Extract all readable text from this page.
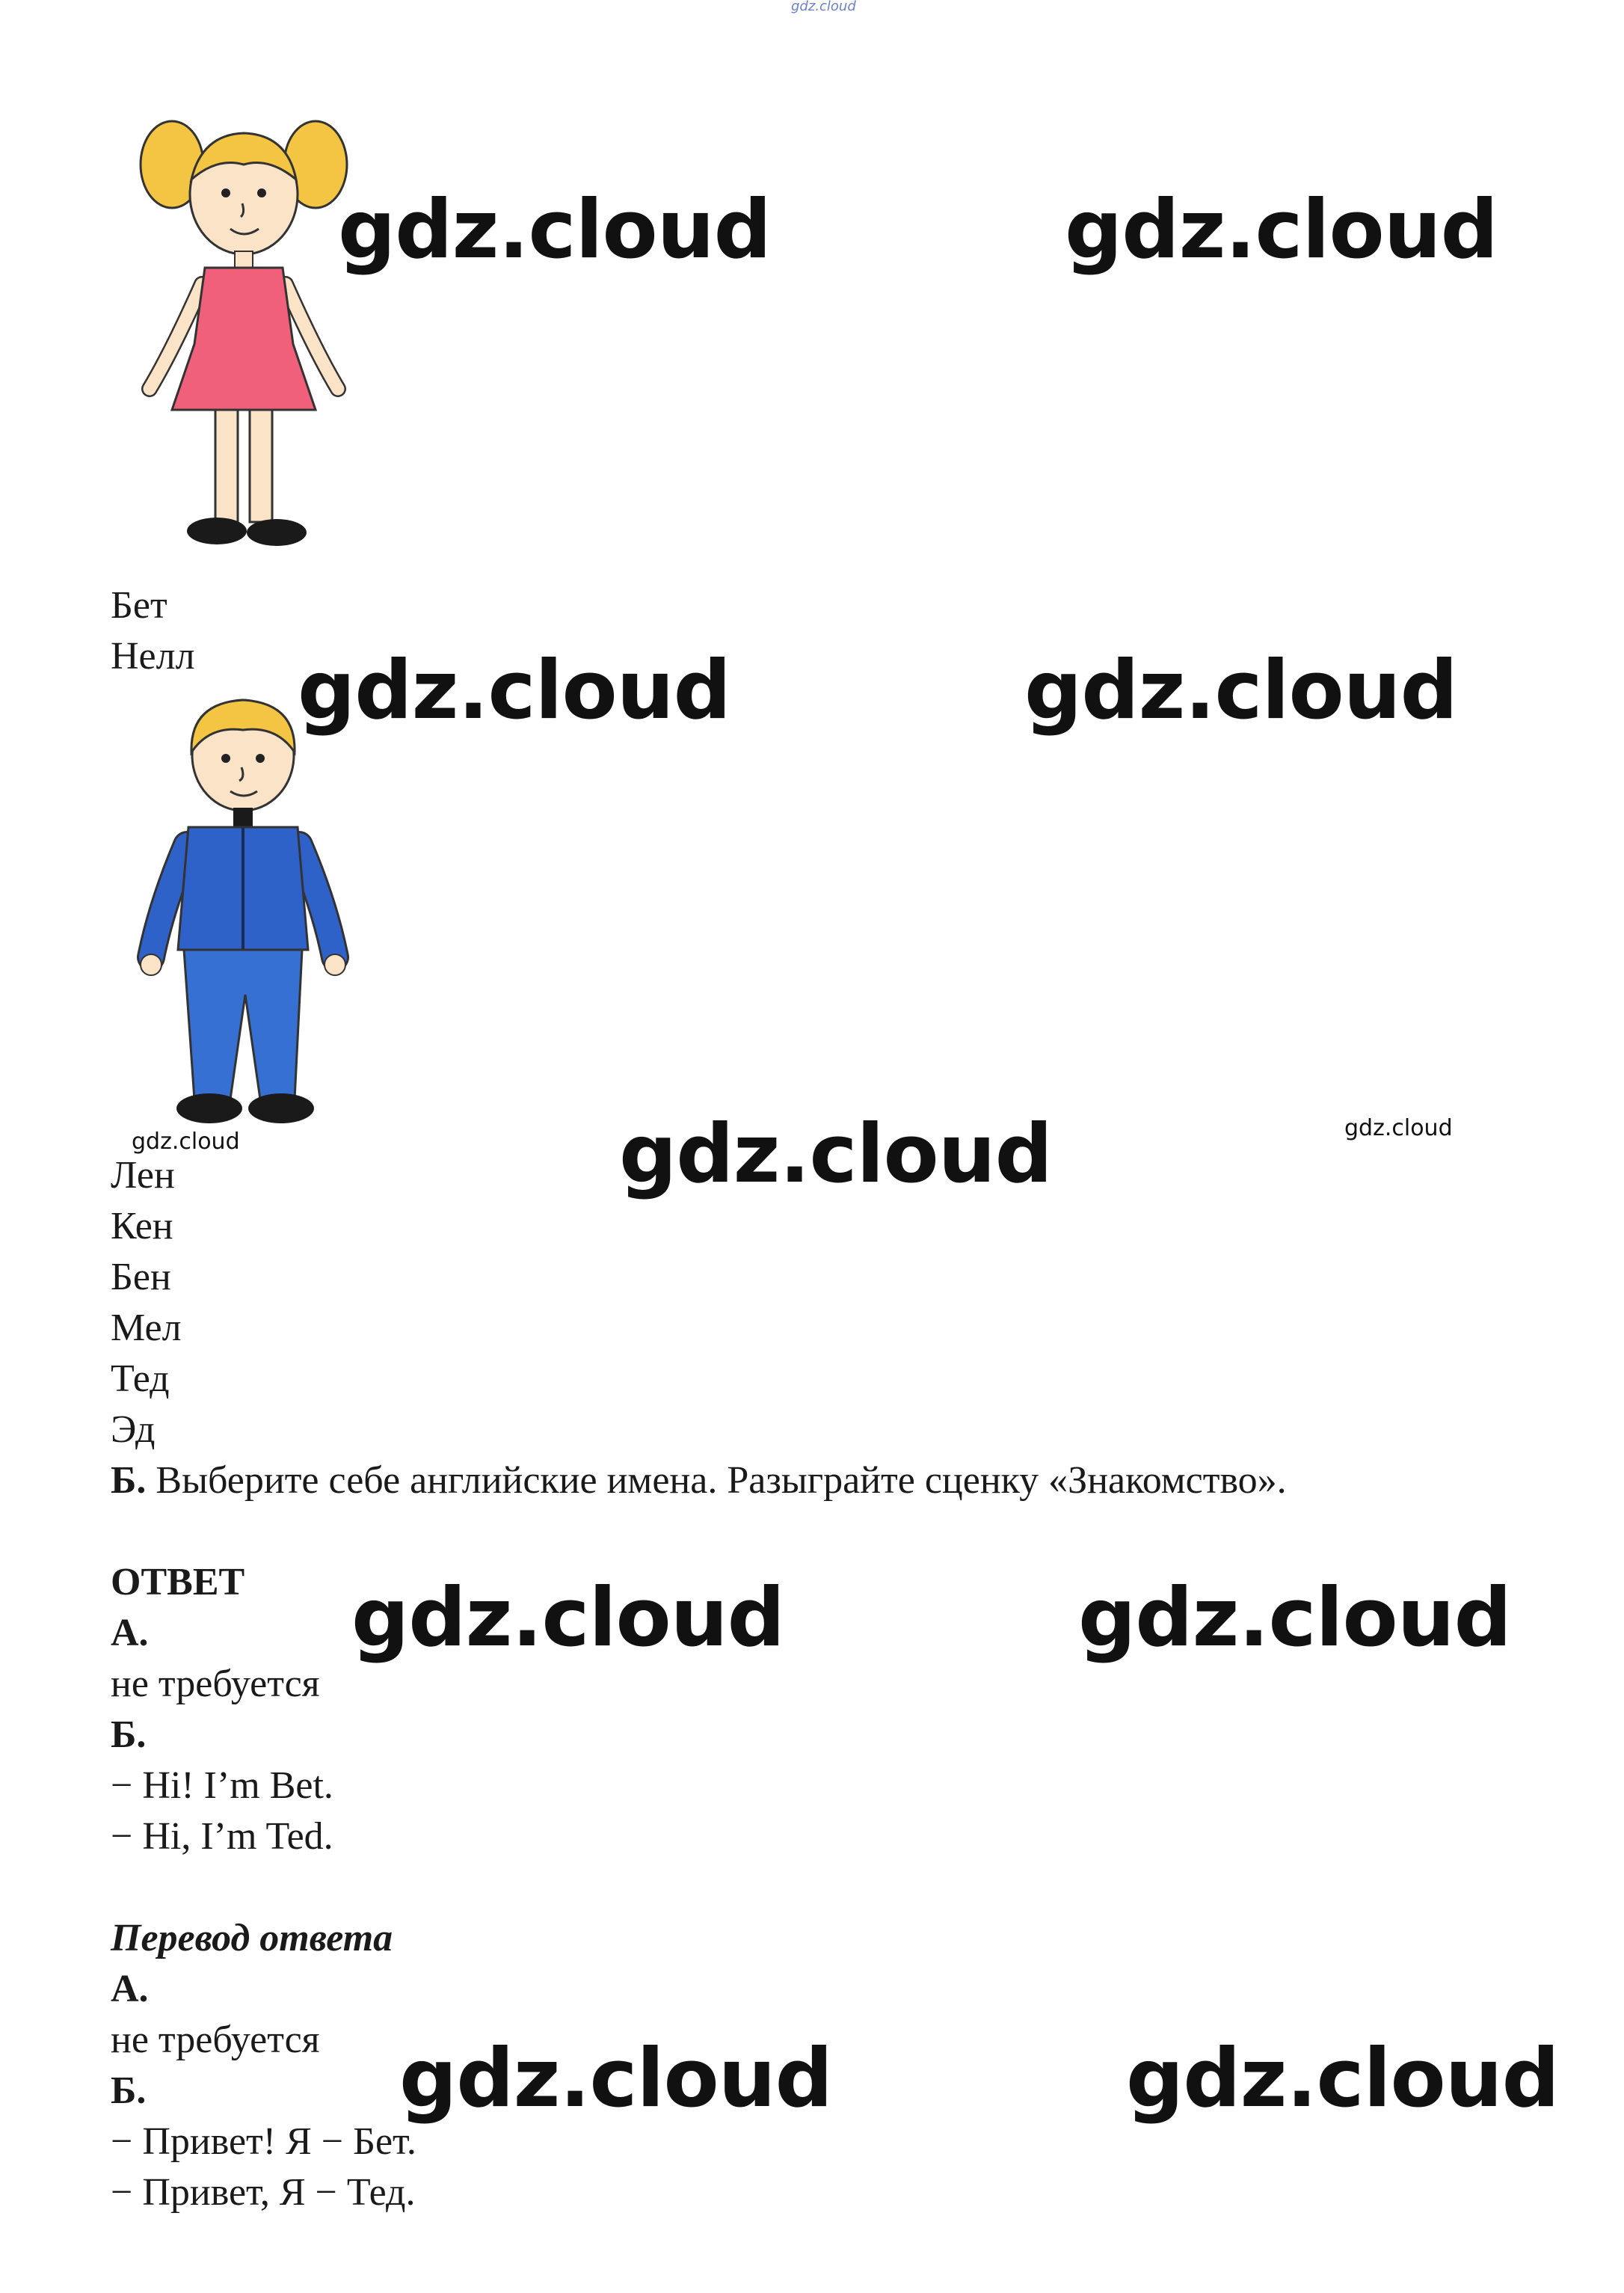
gdz.cloud
gdz.cloud	gdz.cloud
Бет
Нелл gdz.cloud	gdz.cloud
gdz.cloud	gdz.cloud	gdz.cloud
Лен
Кен
Бен
Мел
Тед
Эд
Б. Выберите себе английские имена. Разыграйте сценку «Знакомство».
ОТВЕТ gdz.cloud	gdz.cloud
А.
не требуется
Б.
− Hi! I’m Bet.
− Hi, I’m Ted.
Перевод ответа
А.
не требуется gdz.cloud	gdz.cloud
Б.
− Привет! Я − Бет.
− Привет, Я − Тед.
